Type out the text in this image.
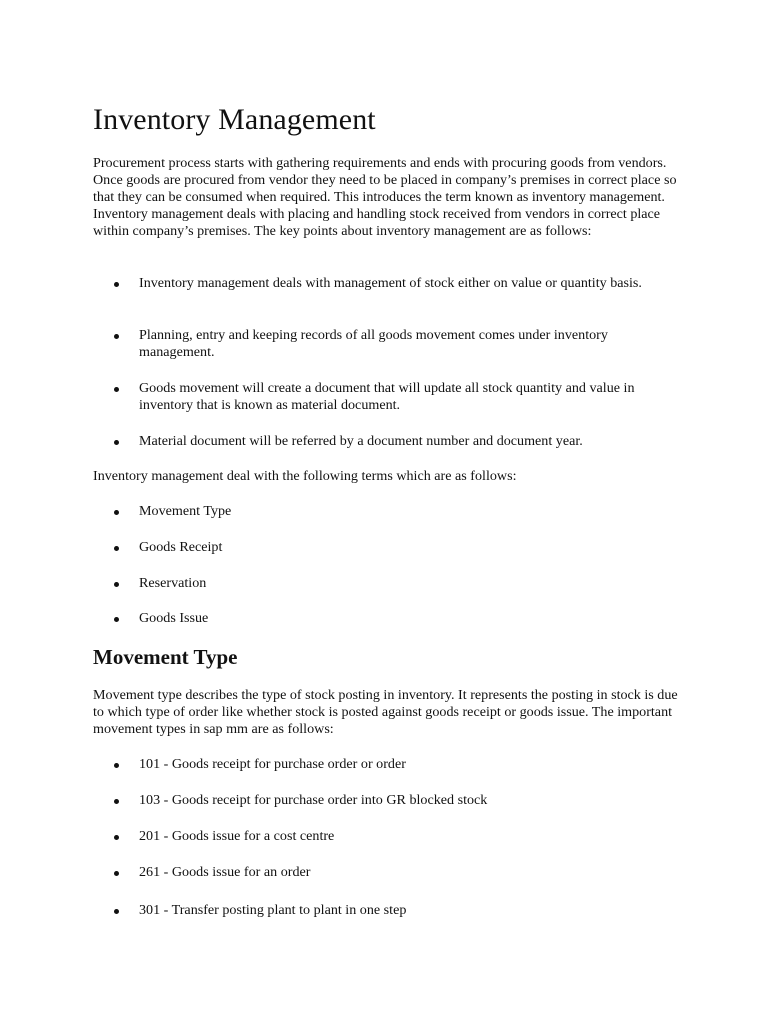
Inventory Management

Procurement process starts with gathering requirements and ends with procuring goods from vendors. Once goods are procured from vendor they need to be placed in company’s premises in correct place so that they can be consumed when required. This introduces the term known as inventory management. Inventory management deals with placing and handling stock received from vendors in correct place within company’s premises. The key points about inventory management are as follows:

Inventory management deals with management of stock either on value or quantity basis.
Planning, entry and keeping records of all goods movement comes under inventory management.
Goods movement will create a document that will update all stock quantity and value in inventory that is known as material document.
Material document will be referred by a document number and document year.

Inventory management deal with the following terms which are as follows:

Movement Type
Goods Receipt
Reservation
Goods Issue
Movement Type

Movement type describes the type of stock posting in inventory. It represents the posting in stock is due to which type of order like whether stock is posted against goods receipt or goods issue. The important movement types in sap mm are as follows:

101 - Goods receipt for purchase order or order
103 - Goods receipt for purchase order into GR blocked stock
201 - Goods issue for a cost centre
261 - Goods issue for an order
301 - Transfer posting plant to plant in one step
